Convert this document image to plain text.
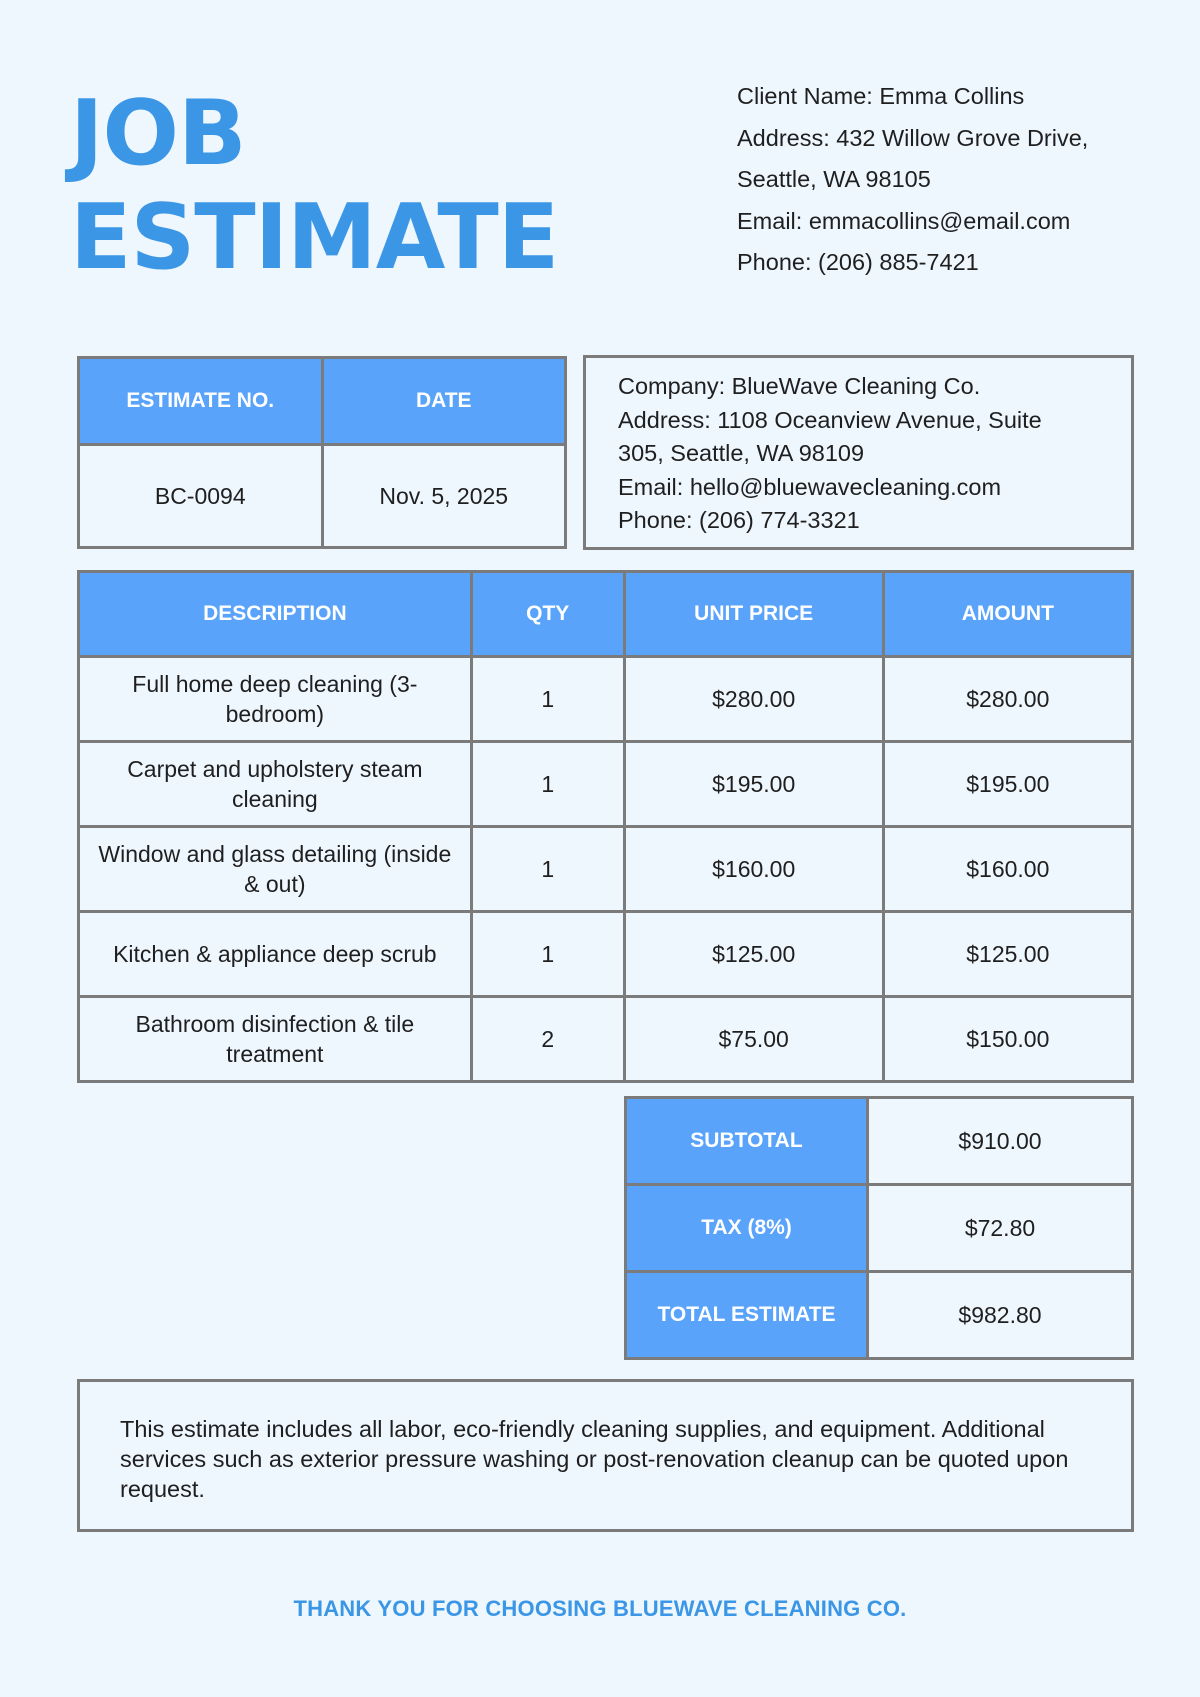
JOB
ESTIMATE
Client Name: Emma Collins
Address: 432 Willow Grove Drive,
Seattle, WA 98105
Email: emmacollins@email.com
Phone: (206) 885-7421
ESTIMATE NO.	DATE
BC-0094	Nov. 5, 2025
Company: BlueWave Cleaning Co.
Address: 1108 Oceanview Avenue, Suite
305, Seattle, WA 98109
Email: hello@bluewavecleaning.com
Phone: (206) 774-3321
DESCRIPTION	QTY	UNIT PRICE	AMOUNT
Full home deep cleaning (3-bedroom)	1	$280.00	$280.00
Carpet and upholstery steam cleaning	1	$195.00	$195.00
Window and glass detailing (inside & out)	1	$160.00	$160.00
Kitchen & appliance deep scrub	1	$125.00	$125.00
Bathroom disinfection & tile treatment	2	$75.00	$150.00
SUBTOTAL	$910.00
TAX (8%)	$72.80
TOTAL ESTIMATE	$982.80
This estimate includes all labor, eco-friendly cleaning supplies, and equipment. Additional services such as exterior pressure washing or post-renovation cleanup can be quoted upon request.
THANK YOU FOR CHOOSING BLUEWAVE CLEANING CO.
